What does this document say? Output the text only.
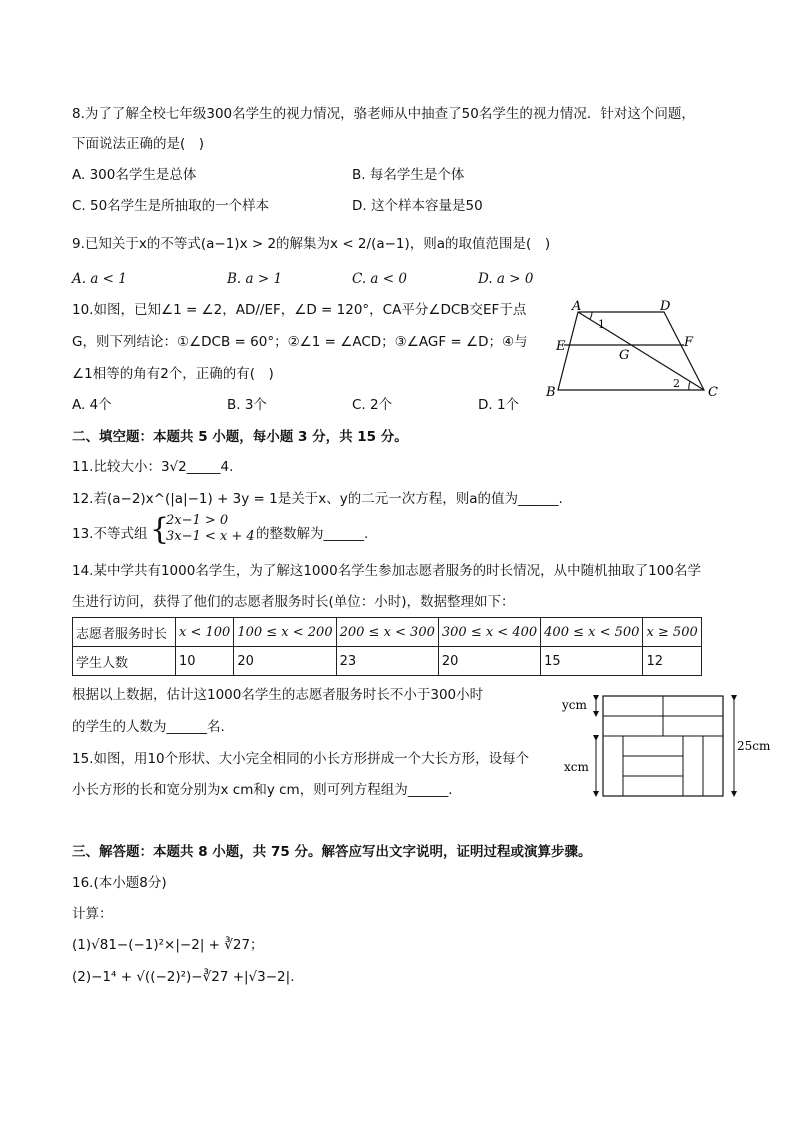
8.为了了解全校七年级300名学生的视力情况，骆老师从中抽查了50名学生的视力情况．针对这个问题，
下面说法正确的是(　)
A. 300名学生是总体	B. 每名学生是个体
C. 50名学生是所抽取的一个样本	D. 这个样本容量是50
9.已知关于x的不等式(a−1)x > 2的解集为x < 2/(a−1)，则a的取值范围是(　)
A. a < 1	B. a > 1	C. a < 0	D. a > 0
10.如图，已知∠1 = ∠2，AD//EF，∠D = 120°，CA平分∠DCB交EF于点
G，则下列结论：①∠DCB = 60°；②∠1 = ∠ACD；③∠AGF = ∠D；④与
∠1相等的角有2个，正确的有(　)
A. 4个	B. 3个	C. 2个	D. 1个
A	D
E	F
G
B	C
1
2
二、填空题：本题共 5 小题，每小题 3 分，共 15 分。
11.比较大小：3√2_____4.
12.若(a−2)x^(|a|−1) + 3y = 1是关于x、y的二元一次方程，则a的值为______.
13.不等式组 {
2x−1 > 0
3x−1 < x + 4 的整数解为______.
14.某中学共有1000名学生，为了解这1000名学生参加志愿者服务的时长情况，从中随机抽取了100名学
生进行访问，获得了他们的志愿者服务时长(单位：小时)，数据整理如下：
志愿者服务时长	x < 100	100 ≤ x < 200	200 ≤ x < 300	300 ≤ x < 400	400 ≤ x < 500	x ≥ 500
学生人数	10	20	23	20	15	12
根据以上数据，估计这1000名学生的志愿者服务时长不小于300小时
的学生的人数为______名.
15.如图，用10个形状、大小完全相同的小长方形拼成一个大长方形，设每个
小长方形的长和宽分别为x cm和y cm，则可列方程组为______.
ycm
xcm
25cm
三、解答题：本题共 8 小题，共 75 分。解答应写出文字说明，证明过程或演算步骤。
16.(本小题8分)
计算：
(1)√81−(−1)²×|−2| + ∛27；
(2)−1⁴ + √((−2)²)−∛27 +|√3−2|.
